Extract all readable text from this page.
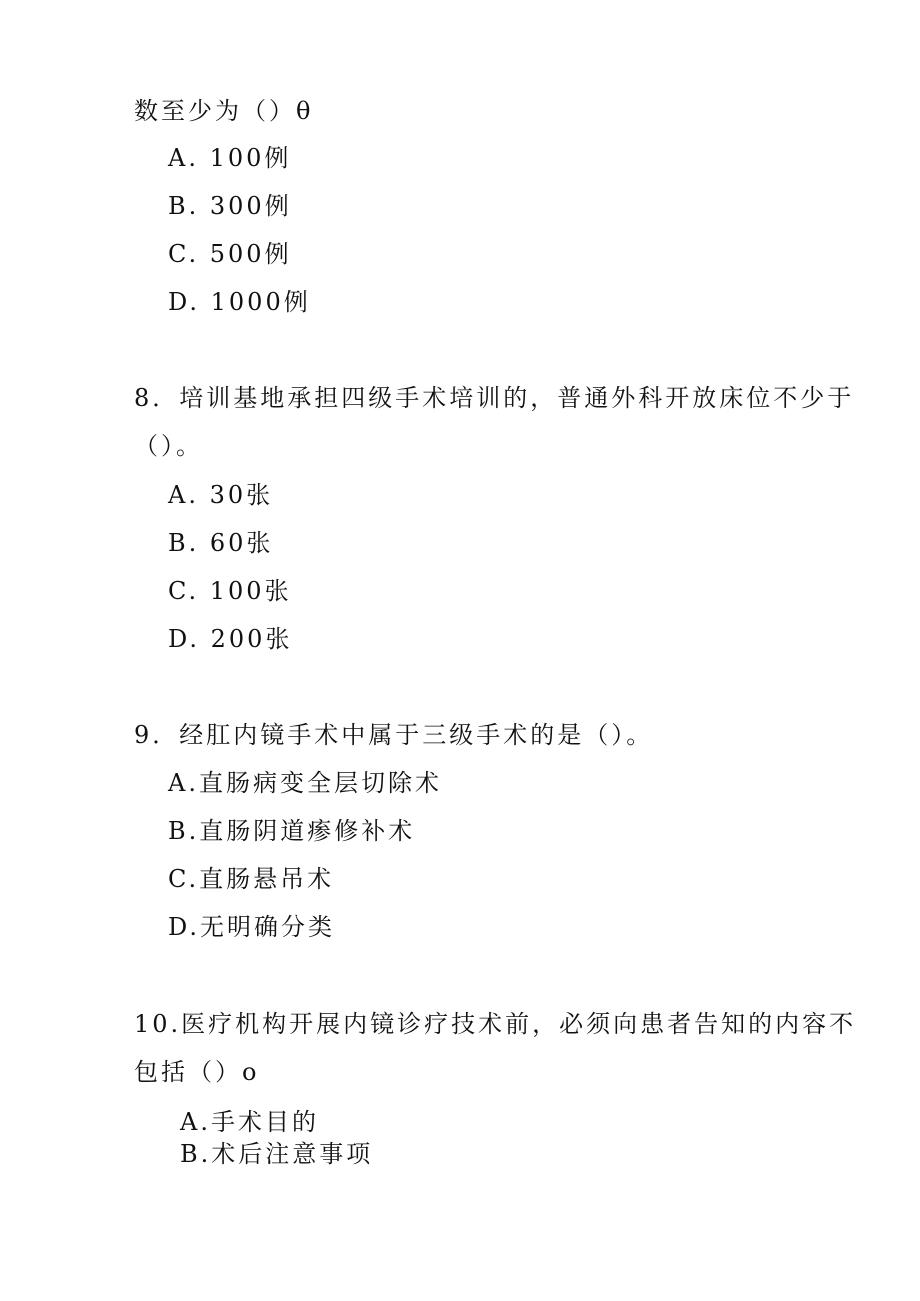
数至少为（）θ
A. 100例
B. 300例
C. 500例
D. 1000例
8．培训基地承担四级手术培训的，普通外科开放床位不少于
（）。
A. 30张
B. 60张
C. 100张
D. 200张
9．经肛内镜手术中属于三级手术的是（）。
A.直肠病变全层切除术
B.直肠阴道瘆修补术
C.直肠悬吊术
D.无明确分类
10.医疗机构开展内镜诊疗技术前，必须向患者告知的内容不
包括（）o
A.手术目的
B.术后注意事项
